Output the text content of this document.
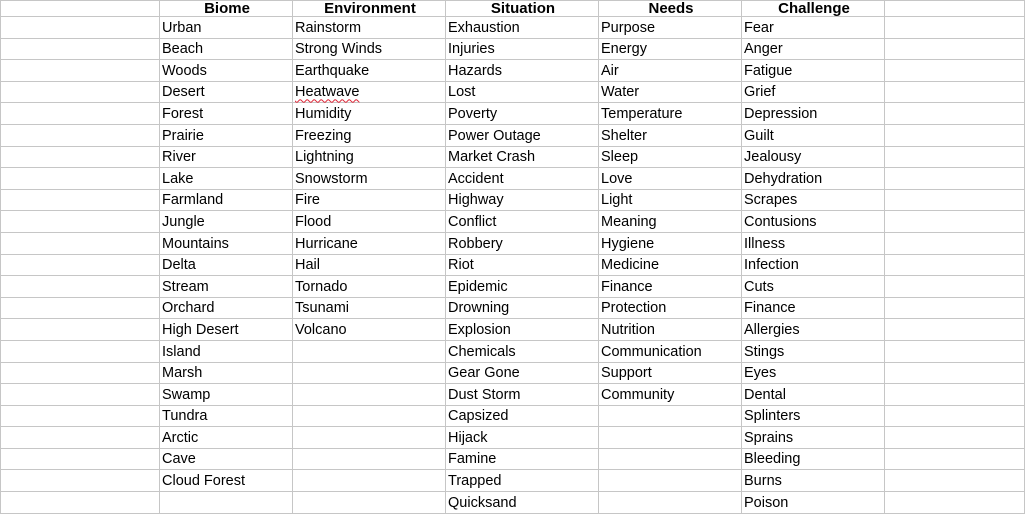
	Biome	Environment	Situation	Needs	Challenge	
	Urban	Rainstorm	Exhaustion	Purpose	Fear	
	Beach	Strong Winds	Injuries	Energy	Anger	
	Woods	Earthquake	Hazards	Air	Fatigue	
	Desert	Heatwave	Lost	Water	Grief	
	Forest	Humidity	Poverty	Temperature	Depression	
	Prairie	Freezing	Power Outage	Shelter	Guilt	
	River	Lightning	Market Crash	Sleep	Jealousy	
	Lake	Snowstorm	Accident	Love	Dehydration	
	Farmland	Fire	Highway	Light	Scrapes	
	Jungle	Flood	Conflict	Meaning	Contusions	
	Mountains	Hurricane	Robbery	Hygiene	Illness	
	Delta	Hail	Riot	Medicine	Infection	
	Stream	Tornado	Epidemic	Finance	Cuts	
	Orchard	Tsunami	Drowning	Protection	Finance	
	High Desert	Volcano	Explosion	Nutrition	Allergies	
	Island		Chemicals	Communication	Stings	
	Marsh		Gear Gone	Support	Eyes	
	Swamp		Dust Storm	Community	Dental	
	Tundra		Capsized		Splinters	
	Arctic		Hijack		Sprains	
	Cave		Famine		Bleeding	
	Cloud Forest		Trapped		Burns	
			Quicksand		Poison	
